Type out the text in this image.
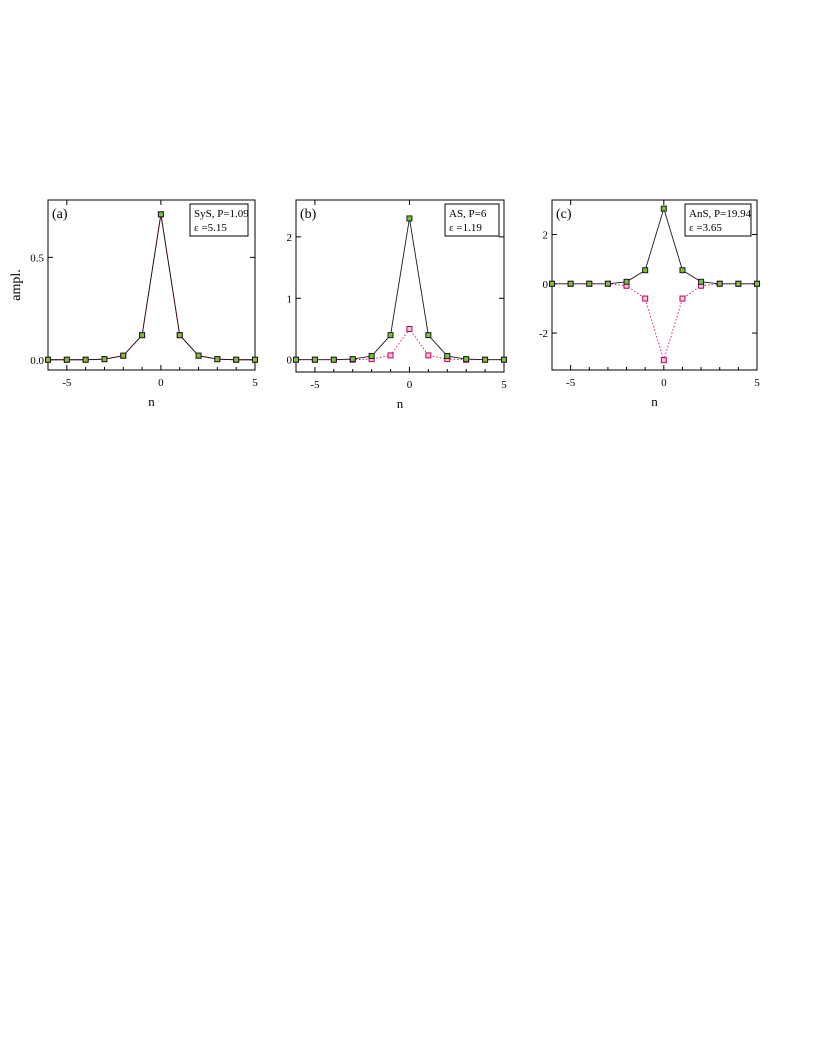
ampl.
-5	0	5
0.0
0.5
n
(a)	SyS, P=1.09
ε =5.15
-5	0	5
0
1
2
n
(b)	AS, P=6
ε =1.19
-5	0	5
-2
0
2
n
(c)	AnS, P=19.94
ε =3.65
